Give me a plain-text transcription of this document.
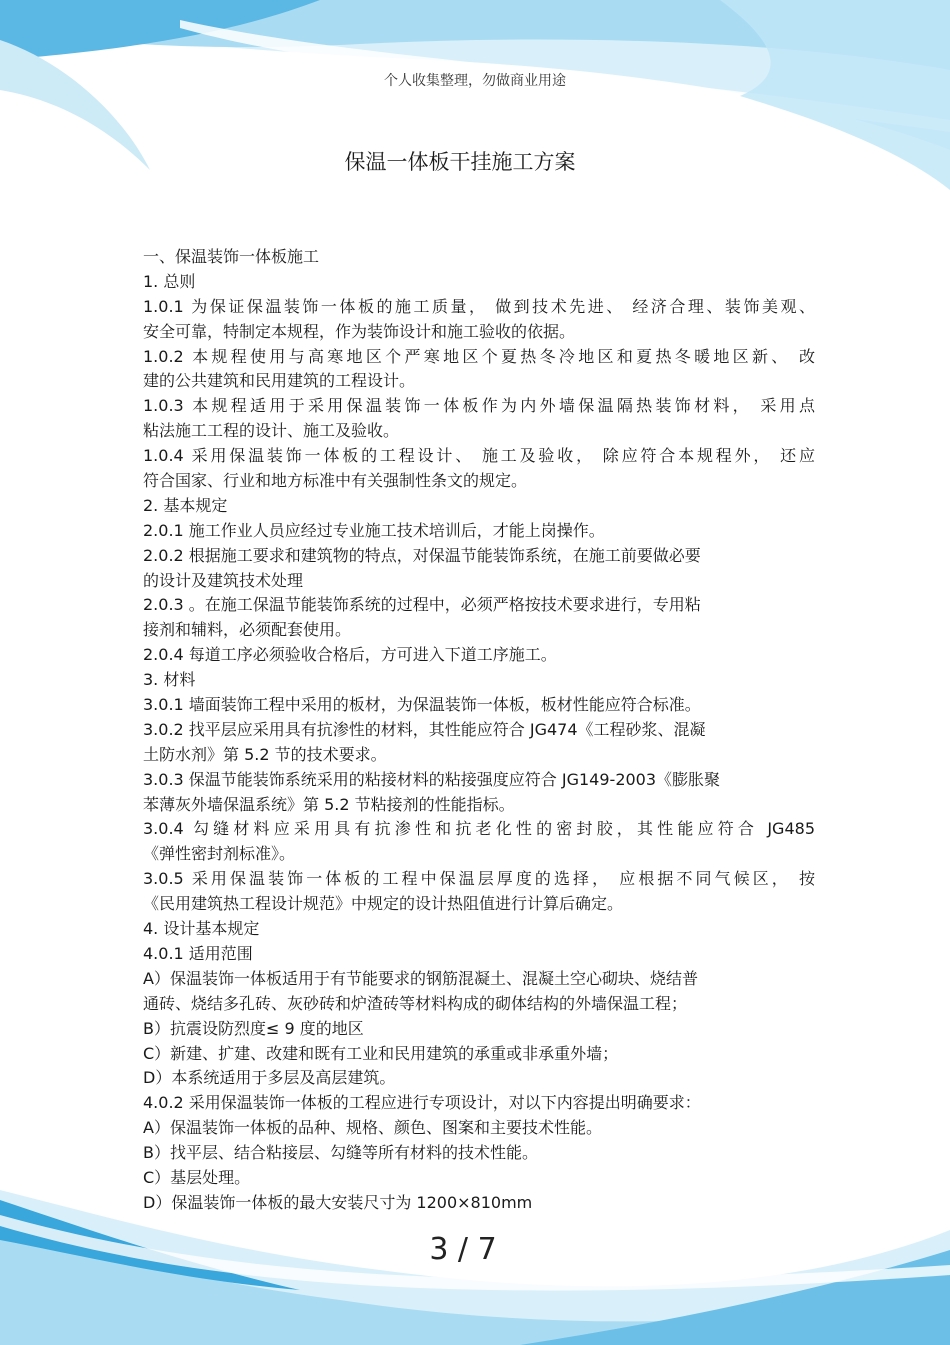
个人收集整理，勿做商业用途
保温一体板干挂施工方案
一、保温装饰一体板施工
1. 总则
1.0.1 为保证保温装饰一体板的施工质量， 做到技术先进、 经济合理、装饰美观、
安全可靠，特制定本规程，作为装饰设计和施工验收的依据。
1.0.2 本规程使用与高寒地区个严寒地区个夏热冬冷地区和夏热冬暖地区新、 改
建的公共建筑和民用建筑的工程设计。
1.0.3 本规程适用于采用保温装饰一体板作为内外墙保温隔热装饰材料， 采用点
粘法施工工程的设计、施工及验收。
1.0.4 采用保温装饰一体板的工程设计、 施工及验收， 除应符合本规程外， 还应
符合国家、行业和地方标准中有关强制性条文的规定。
2. 基本规定
2.0.1 施工作业人员应经过专业施工技术培训后，才能上岗操作。
2.0.2 根据施工要求和建筑物的特点，对保温节能装饰系统，在施工前要做必要
的设计及建筑技术处理
2.0.3 。在施工保温节能装饰系统的过程中，必须严格按技术要求进行，专用粘
接剂和辅料，必须配套使用。
2.0.4 每道工序必须验收合格后，方可进入下道工序施工。
3. 材料
3.0.1 墙面装饰工程中采用的板材，为保温装饰一体板，板材性能应符合标准。
3.0.2 找平层应采用具有抗渗性的材料，其性能应符合 JG474《工程砂浆、混凝
土防水剂》第 5.2 节的技术要求。
3.0.3 保温节能装饰系统采用的粘接材料的粘接强度应符合 JG149-2003《膨胀聚
苯薄灰外墙保温系统》第 5.2 节粘接剂的性能指标。
3.0.4 勾缝材料应采用具有抗渗性和抗老化性的密封胶，其性能应符合 JG485
《弹性密封剂标准》。
3.0.5 采用保温装饰一体板的工程中保温层厚度的选择， 应根据不同气候区， 按
《民用建筑热工程设计规范》中规定的设计热阻值进行计算后确定。
4. 设计基本规定
4.0.1 适用范围
A）保温装饰一体板适用于有节能要求的钢筋混凝土、混凝土空心砌块、烧结普
通砖、烧结多孔砖、灰砂砖和炉渣砖等材料构成的砌体结构的外墙保温工程；
B）抗震设防烈度≤ 9 度的地区
C）新建、扩建、改建和既有工业和民用建筑的承重或非承重外墙；
D）本系统适用于多层及高层建筑。
4.0.2 采用保温装饰一体板的工程应进行专项设计，对以下内容提出明确要求：
A）保温装饰一体板的品种、规格、颜色、图案和主要技术性能。
B）找平层、结合粘接层、勾缝等所有材料的技术性能。
C）基层处理。
D）保温装饰一体板的最大安装尺寸为 1200×810mm
3 / 7
